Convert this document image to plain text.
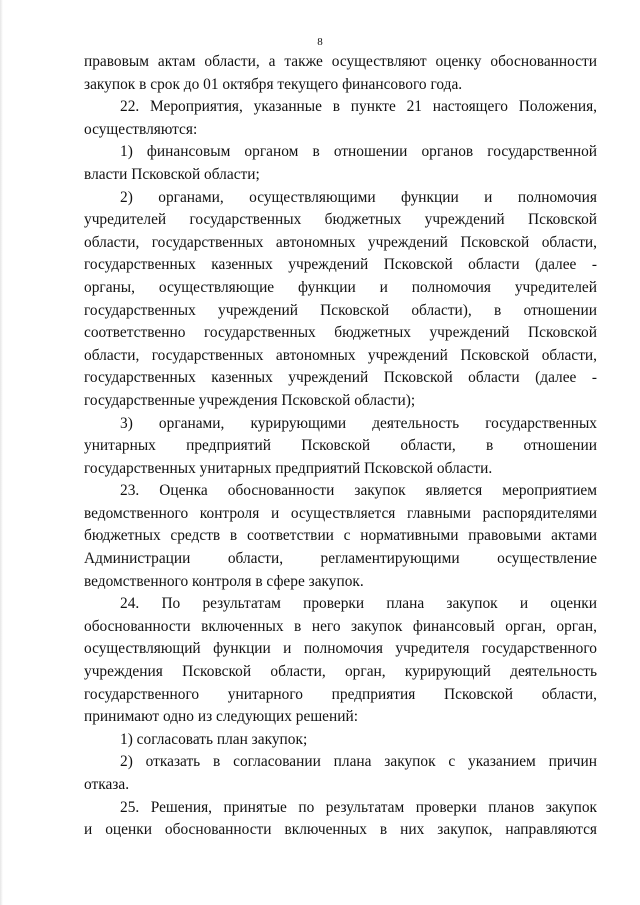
8
правовым актам области, а также осуществляют оценку обоснованности
закупок в срок до 01 октября текущего финансового года.
22. Мероприятия, указанные в пункте 21 настоящего Положения,
осуществляются:
1) финансовым органом в отношении органов государственной
власти Псковской области;
2) органами, осуществляющими функции и полномочия
учредителей государственных бюджетных учреждений Псковской
области, государственных автономных учреждений Псковской области,
государственных казенных учреждений Псковской области (далее -
органы, осуществляющие функции и полномочия учредителей
государственных учреждений Псковской области), в отношении
соответственно государственных бюджетных учреждений Псковской
области, государственных автономных учреждений Псковской области,
государственных казенных учреждений Псковской области (далее -
государственные учреждения Псковской области);
3) органами, курирующими деятельность государственных
унитарных предприятий Псковской области, в отношении
государственных унитарных предприятий Псковской области.
23. Оценка обоснованности закупок является мероприятием
ведомственного контроля и осуществляется главными распорядителями
бюджетных средств в соответствии с нормативными правовыми актами
Администрации области, регламентирующими осуществление
ведомственного контроля в сфере закупок.
24. По результатам проверки плана закупок и оценки
обоснованности включенных в него закупок финансовый орган, орган,
осуществляющий функции и полномочия учредителя государственного
учреждения Псковской области, орган, курирующий деятельность
государственного унитарного предприятия Псковской области,
принимают одно из следующих решений:
1) согласовать план закупок;
2) отказать в согласовании плана закупок с указанием причин
отказа.
25. Решения, принятые по результатам проверки планов закупок
и оценки обоснованности включенных в них закупок, направляются
